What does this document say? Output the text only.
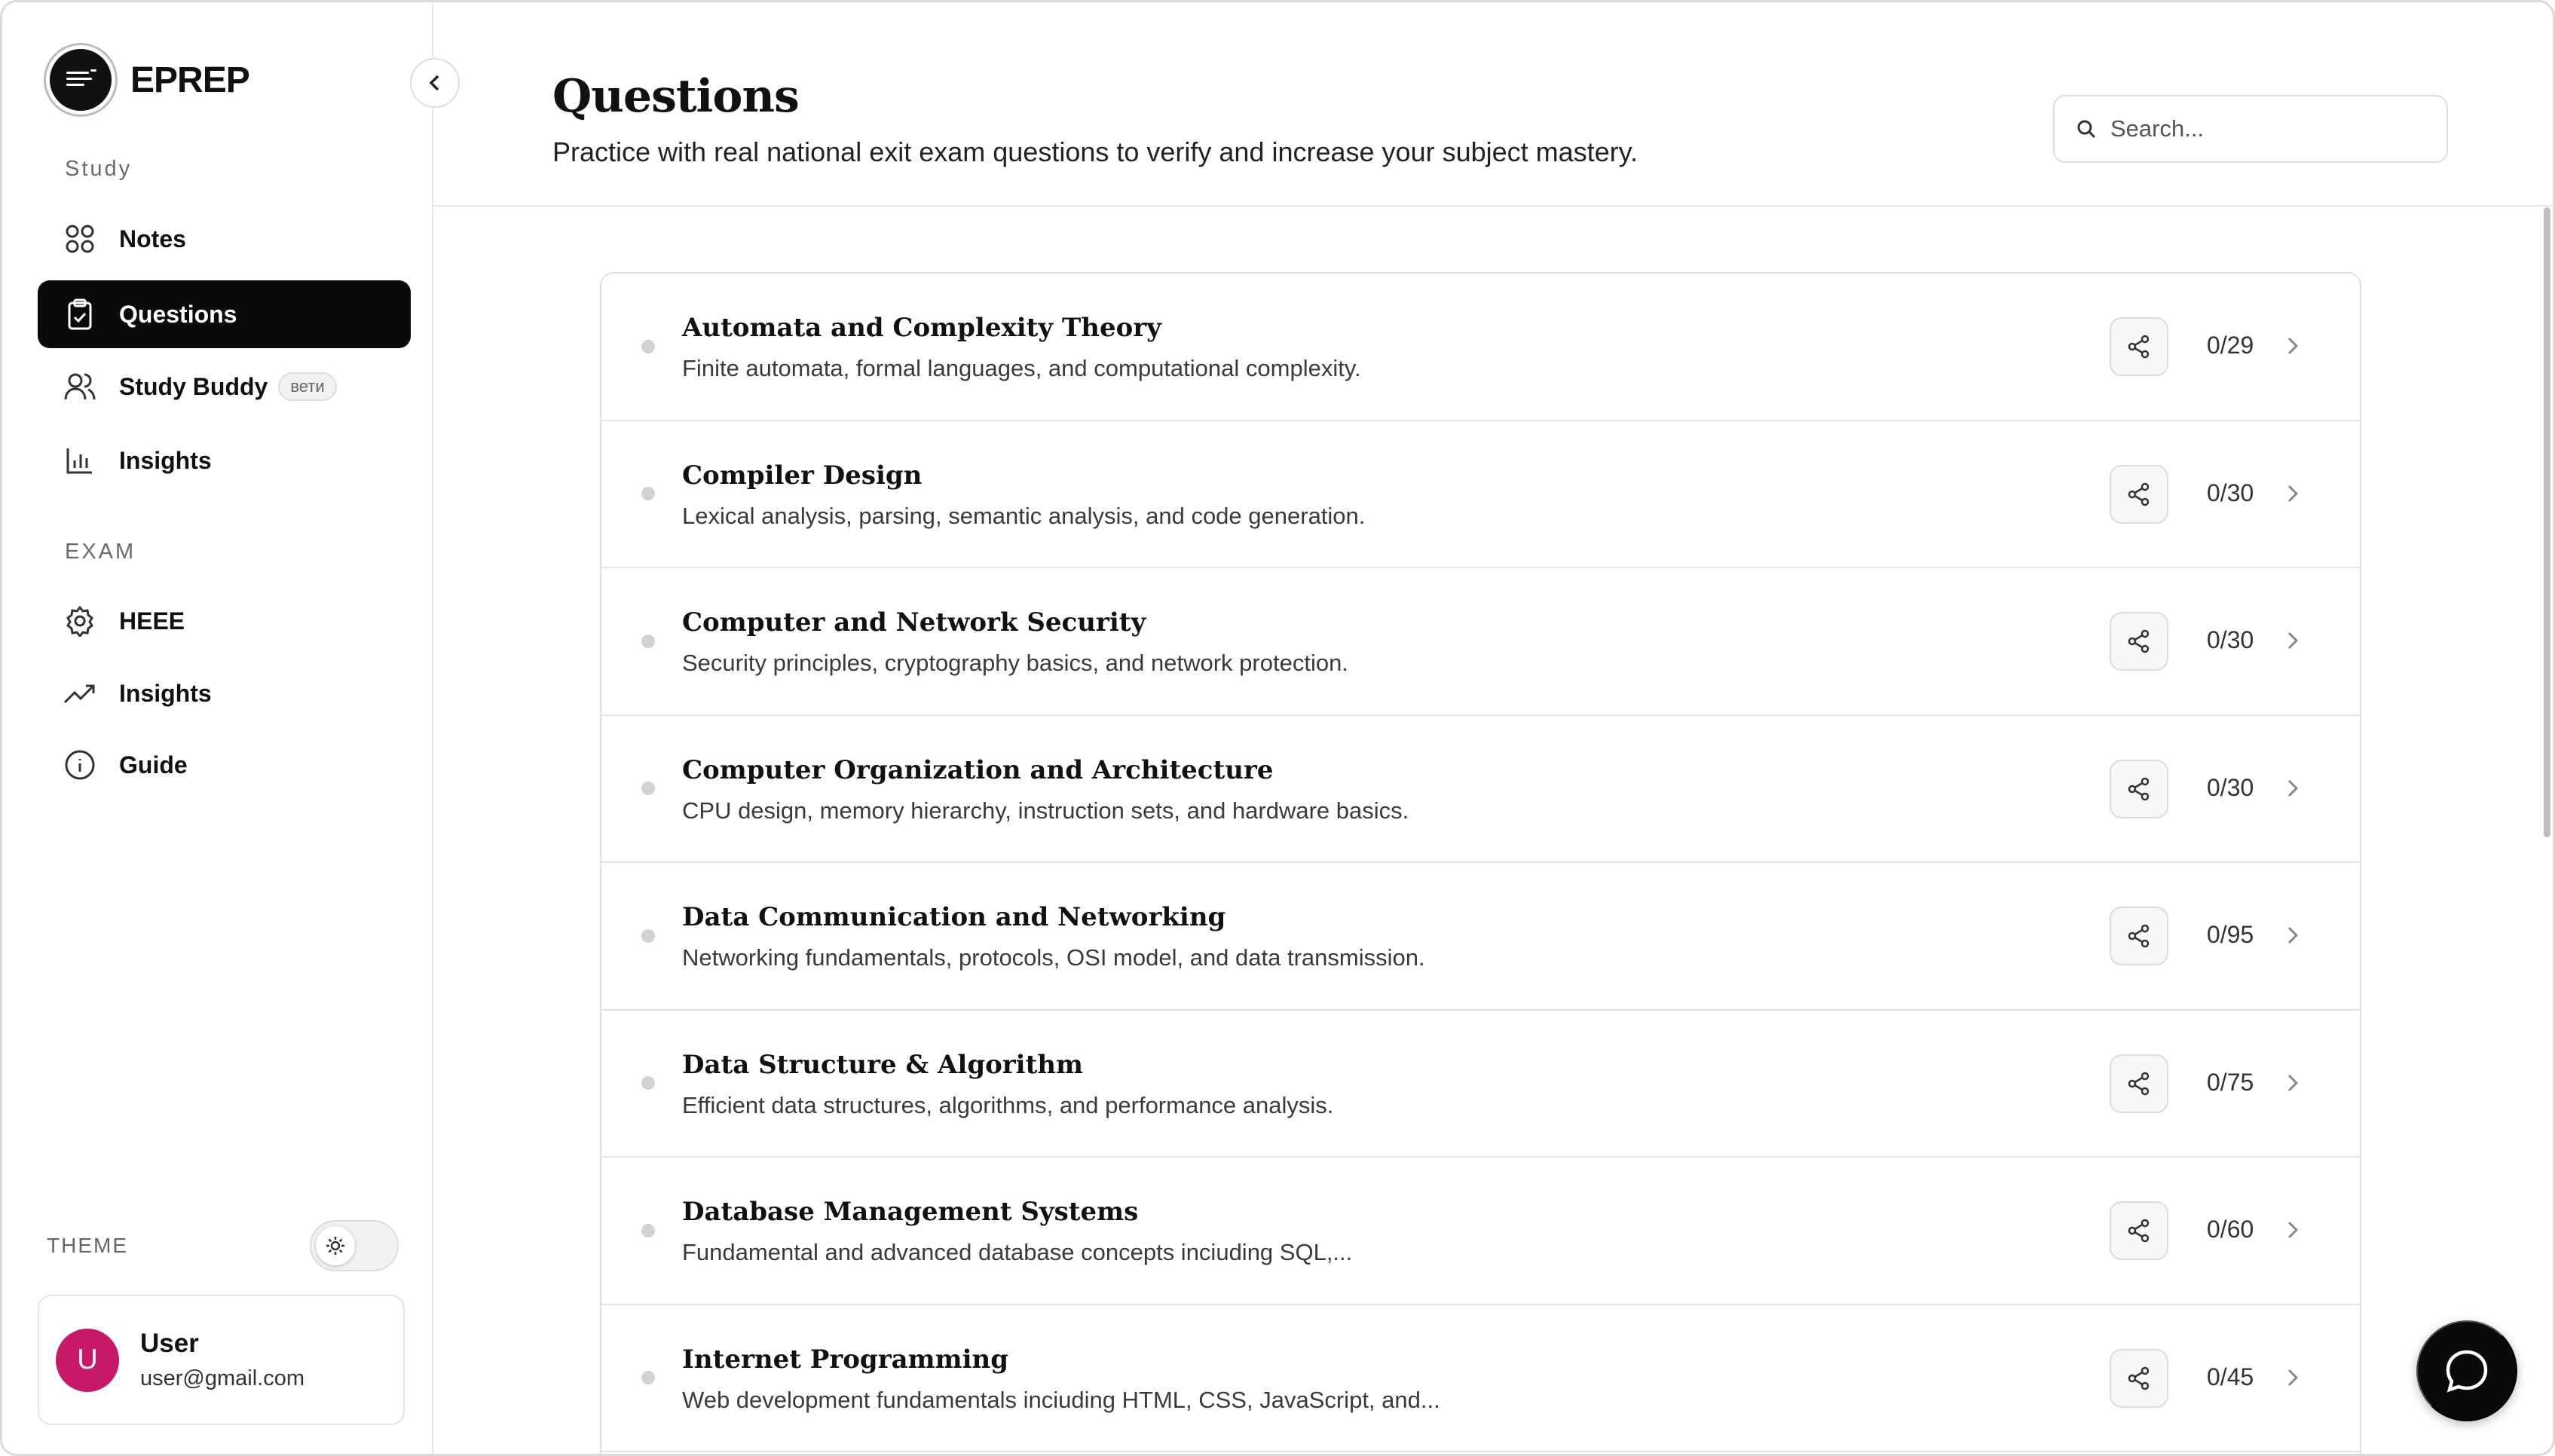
EPREP
Study
Notes
Questions
Study Buddy	вети
Insights
EXAM
HEEE
Insights
Guide
THEME
U
User
user@gmail.com
Questions

Practice with real national exit exam questions to verify and increase your subject mastery.

Search...
Automata and Complexity Theory
Finite automata, formal languages, and computational complexity.
0/29
Compiler Design
Lexical analysis, parsing, semantic analysis, and code generation.
0/30
Computer and Network Security
Security principles, cryptography basics, and network protection.
0/30
Computer Organization and Architecture
CPU design, memory hierarchy, instruction sets, and hardware basics.
0/30
Data Communication and Networking
Networking fundamentals, protocols, OSI model, and data transmission.
0/95
Data Structure & Algorithm
Efficient data structures, algorithms, and performance analysis.
0/75
Database Management Systems
Fundamental and advanced database concepts inciuding SQL,...
0/60
Internet Programming
Web development fundamentals inciuding HTML, CSS, JavaScript, and...
0/45
